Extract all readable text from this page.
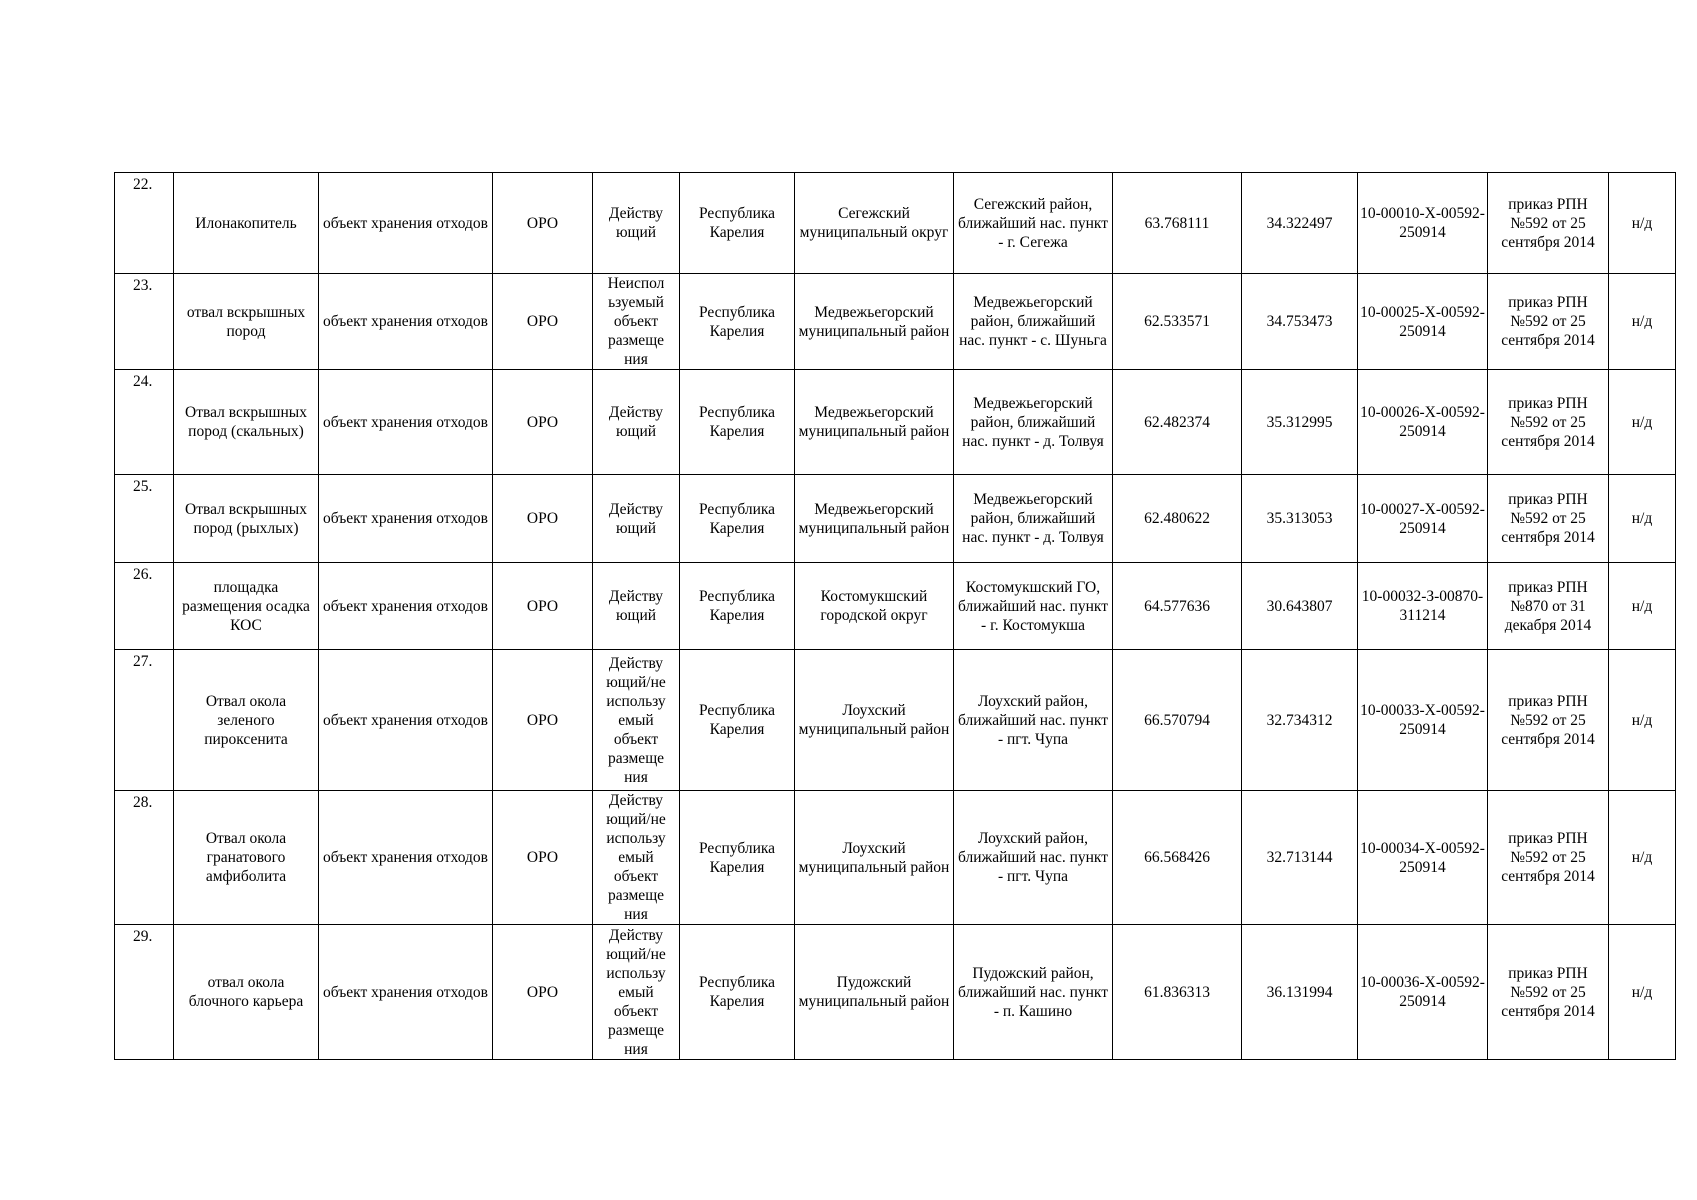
22.	Илонакопитель	объект хранения отходов	ОРО	Действу ющий	Республика Карелия	Сегежский муниципальный округ	Сегежский район, ближайший нас. пункт - г. Сегежа	63.768111	34.322497	10-00010-Х-00592-250914	приказ РПН №592 от 25 сентября 2014	н/д
23.	отвал вскрышных пород	объект хранения отходов	ОРО	Неиспол ьзуемый объект размеще ния	Республика Карелия	Медвежьегорский муниципальный район	Медвежьегорский район, ближайший нас. пункт - с. Шуньга	62.533571	34.753473	10-00025-Х-00592-250914	приказ РПН №592 от 25 сентября 2014	н/д
24.	Отвал вскрышных пород (скальных)	объект хранения отходов	ОРО	Действу ющий	Республика Карелия	Медвежьегорский муниципальный район	Медвежьегорский район, ближайший нас. пункт - д. Толвуя	62.482374	35.312995	10-00026-Х-00592-250914	приказ РПН №592 от 25 сентября 2014	н/д
25.	Отвал вскрышных пород (рыхлых)	объект хранения отходов	ОРО	Действу ющий	Республика Карелия	Медвежьегорский муниципальный район	Медвежьегорский район, ближайший нас. пункт - д. Толвуя	62.480622	35.313053	10-00027-Х-00592-250914	приказ РПН №592 от 25 сентября 2014	н/д
26.	площадка размещения осадка КОС	объект хранения отходов	ОРО	Действу ющий	Республика Карелия	Костомукшский городской округ	Костомукшский ГО, ближайший нас. пункт - г. Костомукша	64.577636	30.643807	10-00032-З-00870-311214	приказ РПН №870 от 31 декабря 2014	н/д
27.	Отвал окола зеленого пироксенита	объект хранения отходов	ОРО	Действу ющий/не использу емый объект размеще ния	Республика Карелия	Лоухский муниципальный район	Лоухский район, ближайший нас. пункт - пгт. Чупа	66.570794	32.734312	10-00033-Х-00592-250914	приказ РПН №592 от 25 сентября 2014	н/д
28.	Отвал окола гранатового амфиболита	объект хранения отходов	ОРО	Действу ющий/не использу емый объект размеще ния	Республика Карелия	Лоухский муниципальный район	Лоухский район, ближайший нас. пункт - пгт. Чупа	66.568426	32.713144	10-00034-Х-00592-250914	приказ РПН №592 от 25 сентября 2014	н/д
29.	отвал окола блочного карьера	объект хранения отходов	ОРО	Действу ющий/не использу емый объект размеще ния	Республика Карелия	Пудожский муниципальный район	Пудожский район, ближайший нас. пункт - п. Кашино	61.836313	36.131994	10-00036-Х-00592-250914	приказ РПН №592 от 25 сентября 2014	н/д
